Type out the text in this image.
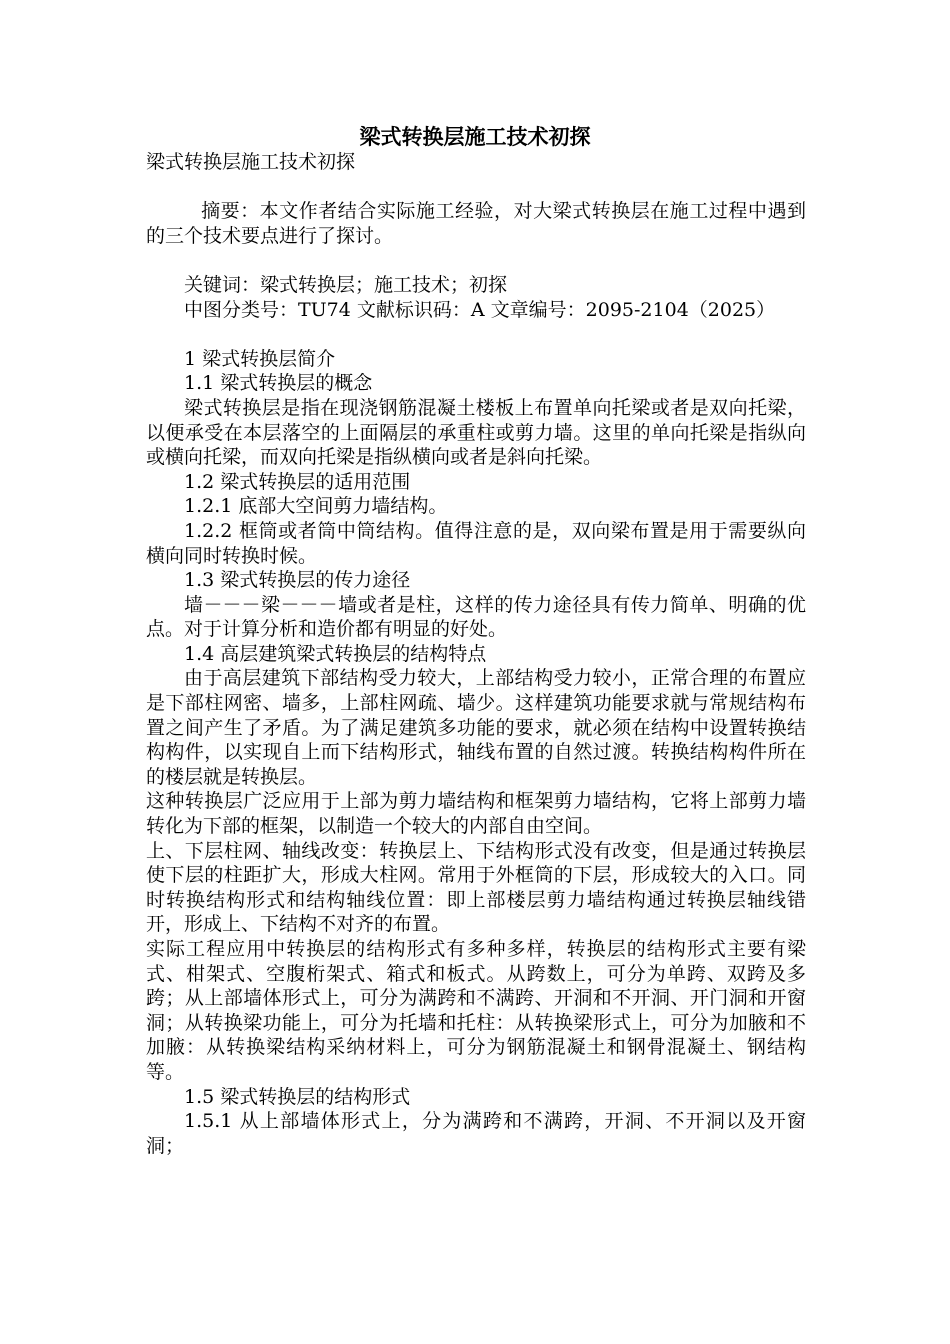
梁式转换层施工技术初探

梁式转换层施工技术初探

摘要：本文作者结合实际施工经验，对大梁式转换层在施工过程中遇到的三个技术要点进行了探讨。

关键词：梁式转换层；施工技术；初探

中图分类号：TU74 文献标识码：A 文章编号：2095-2104（2025）

1 梁式转换层简介

1.1 梁式转换层的概念

梁式转换层是指在现浇钢筋混凝土楼板上布置单向托梁或者是双向托梁，以便承受在本层落空的上面隔层的承重柱或剪力墙。这里的单向托梁是指纵向或横向托梁，而双向托梁是指纵横向或者是斜向托梁。

1.2 梁式转换层的适用范围

1.2.1 底部大空间剪力墙结构。

1.2.2 框筒或者筒中筒结构。值得注意的是，双向梁布置是用于需要纵向横向同时转换时候。

1.3 梁式转换层的传力途径

墙－－－梁－－－墙或者是柱，这样的传力途径具有传力简单、明确的优点。对于计算分析和造价都有明显的好处。

1.4 高层建筑梁式转换层的结构特点

由于高层建筑下部结构受力较大，上部结构受力较小，正常合理的布置应是下部柱网密、墙多，上部柱网疏、墙少。这样建筑功能要求就与常规结构布置之间产生了矛盾。为了满足建筑多功能的要求，就必须在结构中设置转换结构构件，以实现自上而下结构形式，轴线布置的自然过渡。转换结构构件所在的楼层就是转换层。

这种转换层广泛应用于上部为剪力墙结构和框架剪力墙结构，它将上部剪力墙转化为下部的框架，以制造一个较大的内部自由空间。

上、下层柱网、轴线改变：转换层上、下结构形式没有改变，但是通过转换层使下层的柱距扩大，形成大柱网。常用于外框筒的下层，形成较大的入口。同时转换结构形式和结构轴线位置：即上部楼层剪力墙结构通过转换层轴线错开，形成上、下结构不对齐的布置。

实际工程应用中转换层的结构形式有多种多样，转换层的结构形式主要有梁式、柑架式、空腹桁架式、箱式和板式。从跨数上，可分为单跨、双跨及多跨；从上部墙体形式上，可分为满跨和不满跨、开洞和不开洞、开门洞和开窗洞；从转换梁功能上，可分为托墙和托柱：从转换梁形式上，可分为加腋和不加腋：从转换梁结构采纳材料上，可分为钢筋混凝土和钢骨混凝土、钢结构等。

1.5 梁式转换层的结构形式

1.5.1 从上部墙体形式上，分为满跨和不满跨，开洞、不开洞以及开窗洞；
